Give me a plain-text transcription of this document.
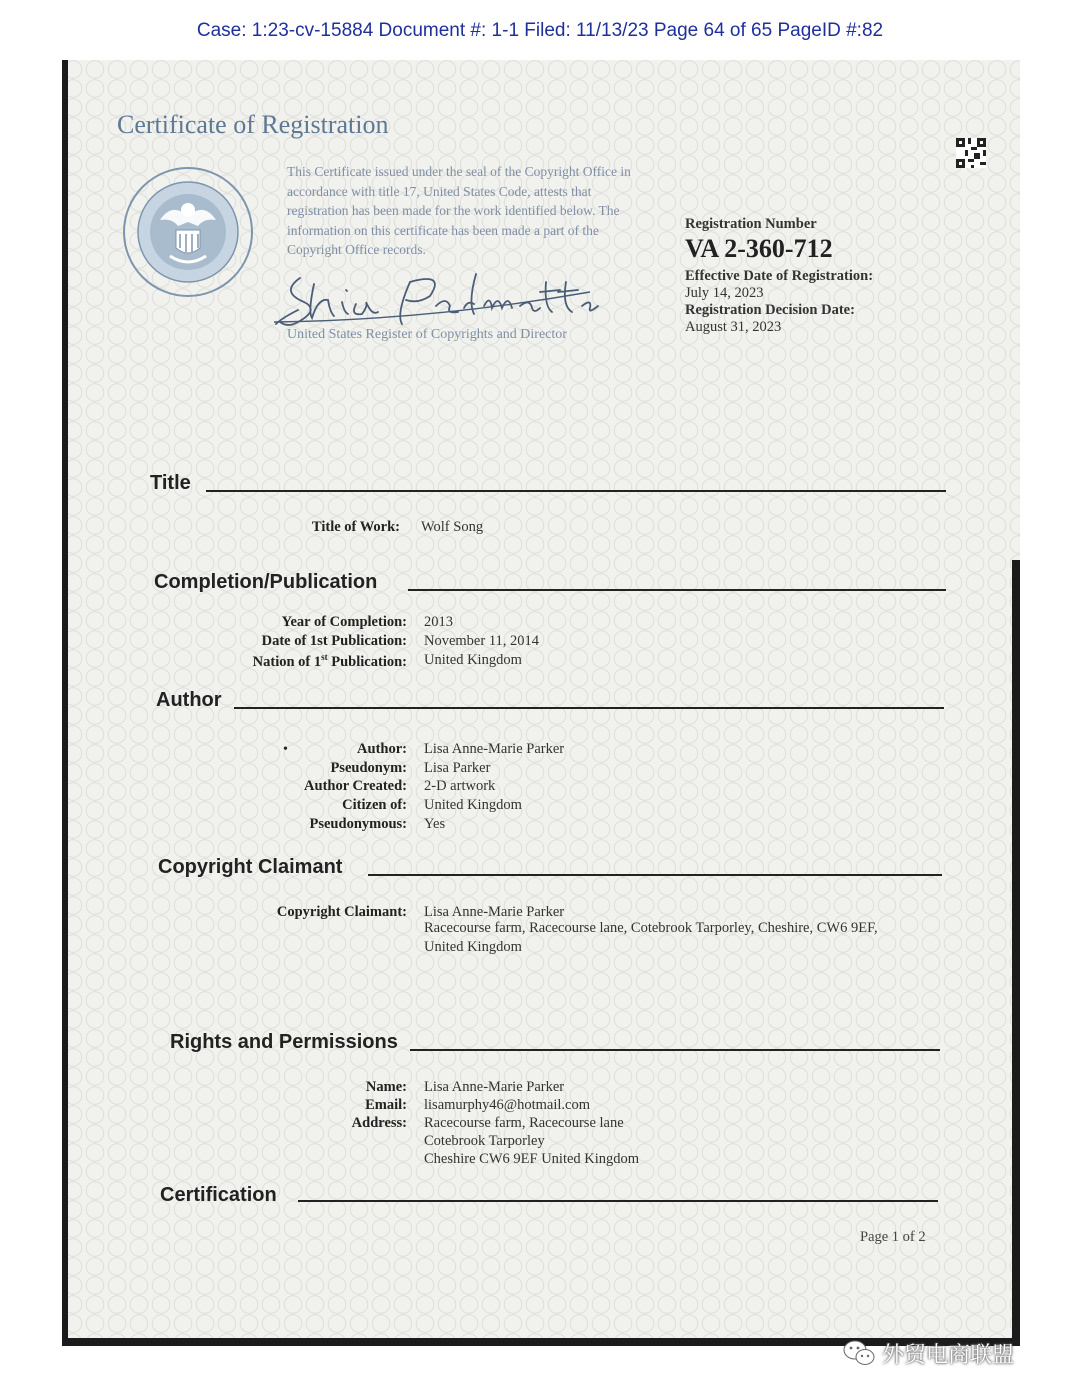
Case: 1:23-cv-15884 Document #: 1-1 Filed: 11/13/23 Page 64 of 65 PageID #:82
Certificate of Registration
This Certificate issued under the seal of the Copyright Office in accordance with title 17, United States Code, attests that registration has been made for the work identified below. The information on this certificate has been made a part of the Copyright Office records.
United States Register of Copyrights and Director
Registration Number
VA 2-360-712
Effective Date of Registration:
July 14, 2023
Registration Decision Date:
August 31, 2023
Title
Title of Work: Wolf Song
Completion/Publication
Year of Completion: 2013
Date of 1st Publication: November 11, 2014
Nation of 1st Publication: United Kingdom
Author
•	Author: Lisa Anne-Marie Parker
Pseudonym: Lisa Parker
Author Created: 2-D artwork
Citizen of: United Kingdom
Pseudonymous: Yes
Copyright Claimant
Copyright Claimant: Lisa Anne-Marie Parker
Racecourse farm, Racecourse lane, Cotebrook Tarporley, Cheshire, CW6 9EF,
United Kingdom
Rights and Permissions
Name: Lisa Anne-Marie Parker
Email: lisamurphy46@hotmail.com
Address: Racecourse farm, Racecourse lane
Cotebrook Tarporley
Cheshire CW6 9EF United Kingdom
Certification
Page 1 of 2
外贸电商联盟
